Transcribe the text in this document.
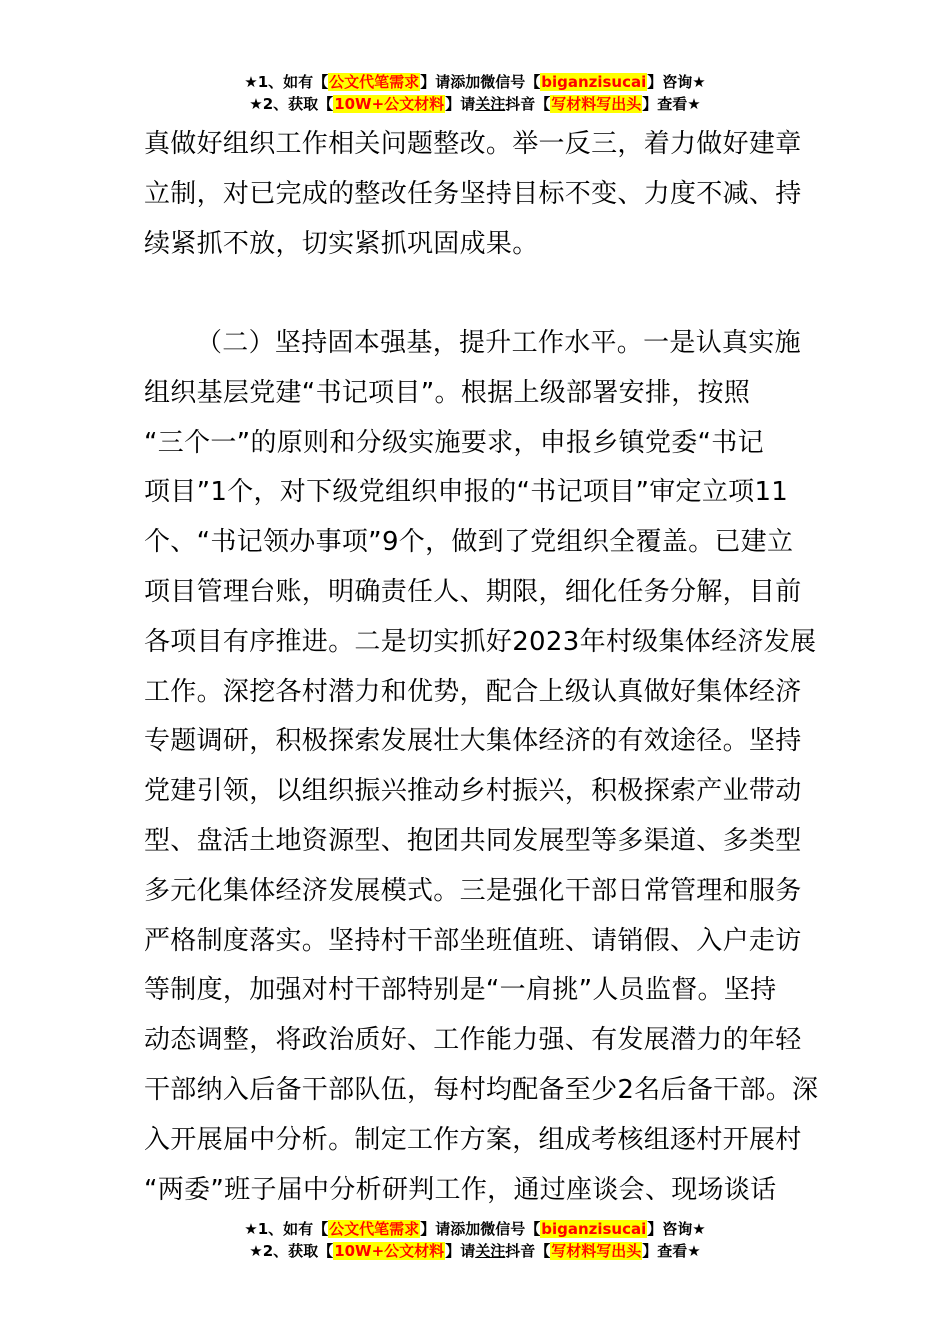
★1、如有【公文代笔需求】请添加微信号【biganzisucai】咨询★
★2、获取【10W+公文材料】请关注抖音【写材料写出头】查看★
真做好组织工作相关问题整改。举一反三，着力做好建章
立制，对已完成的整改任务坚持目标不变、力度不减、持
续紧抓不放，切实紧抓巩固成果。
（二）坚持固本强基，提升工作水平。一是认真实施
组织基层党建“书记项目”。根据上级部署安排，按照
“三个一”的原则和分级实施要求，申报乡镇党委“书记
项目”1个，对下级党组织申报的“书记项目”审定立项11
个、“书记领办事项”9个，做到了党组织全覆盖。已建立
项目管理台账，明确责任人、期限，细化任务分解，目前
各项目有序推进。二是切实抓好2023年村级集体经济发展
工作。深挖各村潜力和优势，配合上级认真做好集体经济
专题调研，积极探索发展壮大集体经济的有效途径。坚持
党建引领，以组织振兴推动乡村振兴，积极探索产业带动
型、盘活土地资源型、抱团共同发展型等多渠道、多类型
多元化集体经济发展模式。三是强化干部日常管理和服务
严格制度落实。坚持村干部坐班值班、请销假、入户走访
等制度，加强对村干部特别是“一肩挑”人员监督。坚持
动态调整，将政治质好、工作能力强、有发展潜力的年轻
干部纳入后备干部队伍，每村均配备至少2名后备干部。深
入开展届中分析。制定工作方案，组成考核组逐村开展村
“两委”班子届中分析研判工作，通过座谈会、现场谈话
★1、如有【公文代笔需求】请添加微信号【biganzisucai】咨询★
★2、获取【10W+公文材料】请关注抖音【写材料写出头】查看★
